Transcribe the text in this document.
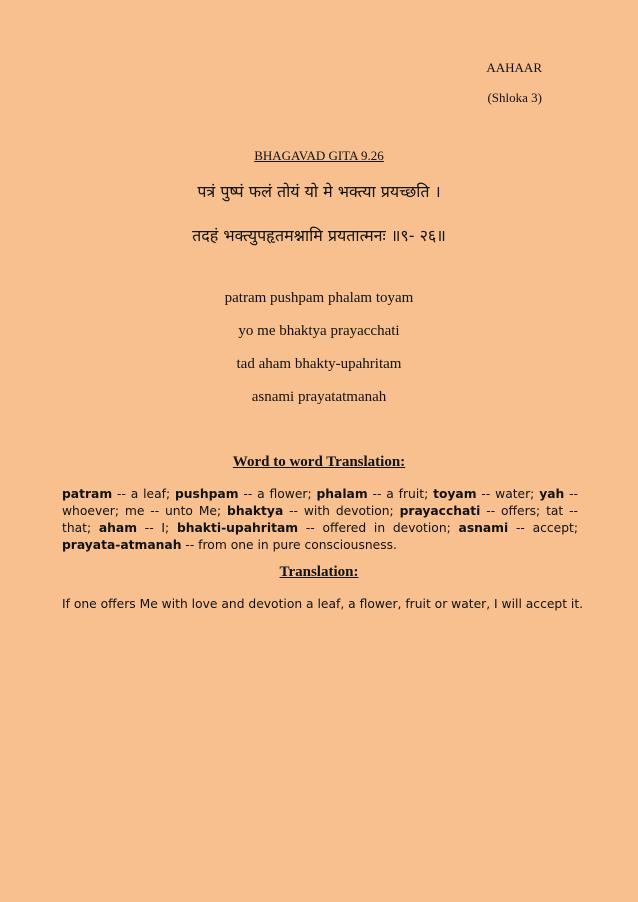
AAHAAR
(Shloka 3)
BHAGAVAD GITA 9.26
पत्रं पुष्पं फलं तोयं यो मे भक्त्या प्रयच्छति ।
तदहं भक्त्युपहृतमश्नामि प्रयतात्मनः ॥९- २६॥
patram pushpam phalam toyam
yo me bhaktya prayacchati
tad aham bhakty-upahritam
asnami prayatatmanah
Word to word Translation:
patram -- a leaf; pushpam -- a flower; phalam -- a fruit; toyam -- water; yah -- whoever; me -- unto Me; bhaktya -- with devotion; prayacchati -- offers; tat -- that; aham -- I; bhakti-upahritam -- offered in devotion; asnami -- accept; prayata-atmanah -- from one in pure consciousness.
Translation:
If one offers Me with love and devotion a leaf, a flower, fruit or water, I will accept it.
